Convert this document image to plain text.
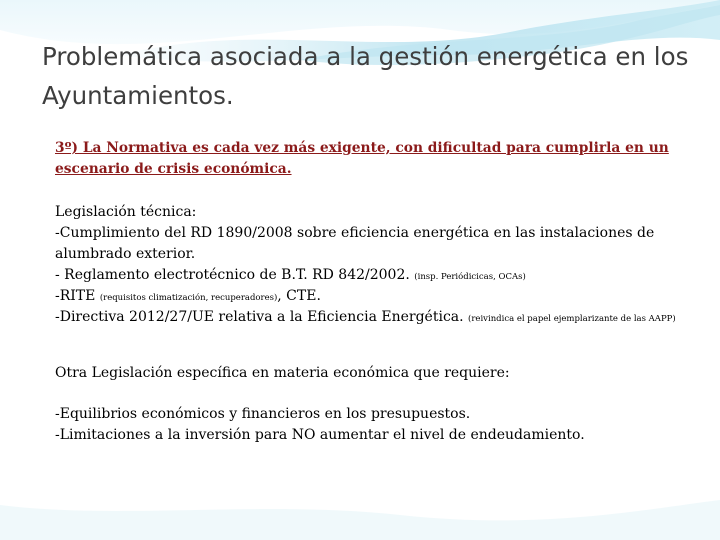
Problemática asociada a la gestión energética en los Ayuntamientos.

3º) La Normativa es cada vez más exigente, con dificultad para cumplirla en un escenario de crisis económica.

Legislación técnica:

-Cumplimiento del RD 1890/2008 sobre eficiencia energética en las instalaciones de alumbrado exterior.

- Reglamento electrotécnico de B.T. RD 842/2002. (insp. Periódicicas, OCAs)

-RITE (requisitos climatización, recuperadores), CTE.

-Directiva 2012/27/UE relativa a la Eficiencia Energética. (reivindica el papel ejemplarizante de las AAPP)

Otra Legislación específica en materia económica que requiere:

-Equilibrios económicos y financieros en los presupuestos.

-Limitaciones a la inversión para NO aumentar el nivel de endeudamiento.
